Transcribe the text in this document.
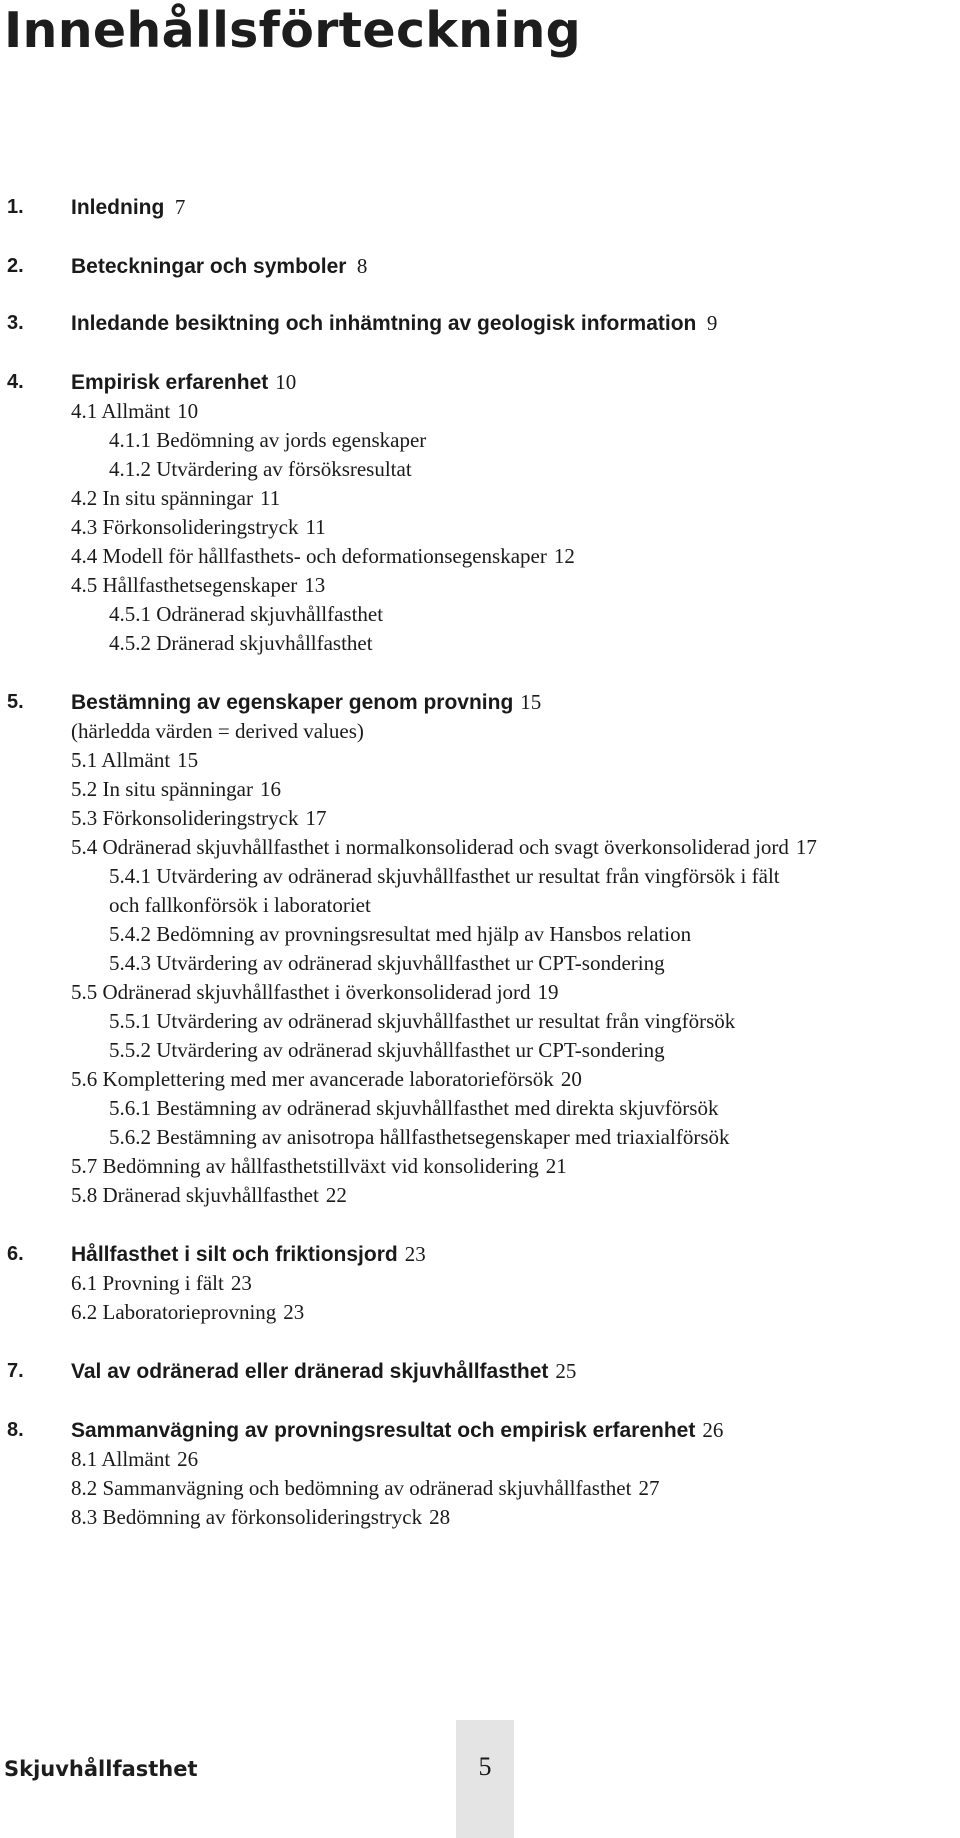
Innehållsförteckning
1. Inledning 7
2. Beteckningar och symboler 8
3. Inledande besiktning och inhämtning av geologisk information 9
4. Empirisk erfarenhet 10
4.1 Allmänt 10
4.1.1 Bedömning av jords egenskaper
4.1.2 Utvärdering av försöksresultat
4.2 In situ spänningar 11
4.3 Förkonsolideringstryck 11
4.4 Modell för hållfasthets- och deformationsegenskaper 12
4.5 Hållfasthetsegenskaper 13
4.5.1 Odränerad skjuvhållfasthet
4.5.2 Dränerad skjuvhållfasthet
5. Bestämning av egenskaper genom provning 15
(härledda värden = derived values)
5.1 Allmänt 15
5.2 In situ spänningar 16
5.3 Förkonsolideringstryck 17
5.4 Odränerad skjuvhållfasthet i normalkonsoliderad och svagt överkonsoliderad jord 17
5.4.1 Utvärdering av odränerad skjuvhållfasthet ur resultat från vingförsök i fält
och fallkonförsök i laboratoriet
5.4.2 Bedömning av provningsresultat med hjälp av Hansbos relation
5.4.3 Utvärdering av odränerad skjuvhållfasthet ur CPT-sondering
5.5 Odränerad skjuvhållfasthet i överkonsoliderad jord 19
5.5.1 Utvärdering av odränerad skjuvhållfasthet ur resultat från vingförsök
5.5.2 Utvärdering av odränerad skjuvhållfasthet ur CPT-sondering
5.6 Komplettering med mer avancerade laboratorieförsök 20
5.6.1 Bestämning av odränerad skjuvhållfasthet med direkta skjuvförsök
5.6.2 Bestämning av anisotropa hållfasthetsegenskaper med triaxialförsök
5.7 Bedömning av hållfasthetstillväxt vid konsolidering 21
5.8 Dränerad skjuvhållfasthet 22
6. Hållfasthet i silt och friktionsjord 23
6.1 Provning i fält 23
6.2 Laboratorieprovning 23
7. Val av odränerad eller dränerad skjuvhållfasthet 25
8. Sammanvägning av provningsresultat och empirisk erfarenhet 26
8.1 Allmänt 26
8.2 Sammanvägning och bedömning av odränerad skjuvhållfasthet 27
8.3 Bedömning av förkonsolideringstryck 28
5
Skjuvhållfasthet
